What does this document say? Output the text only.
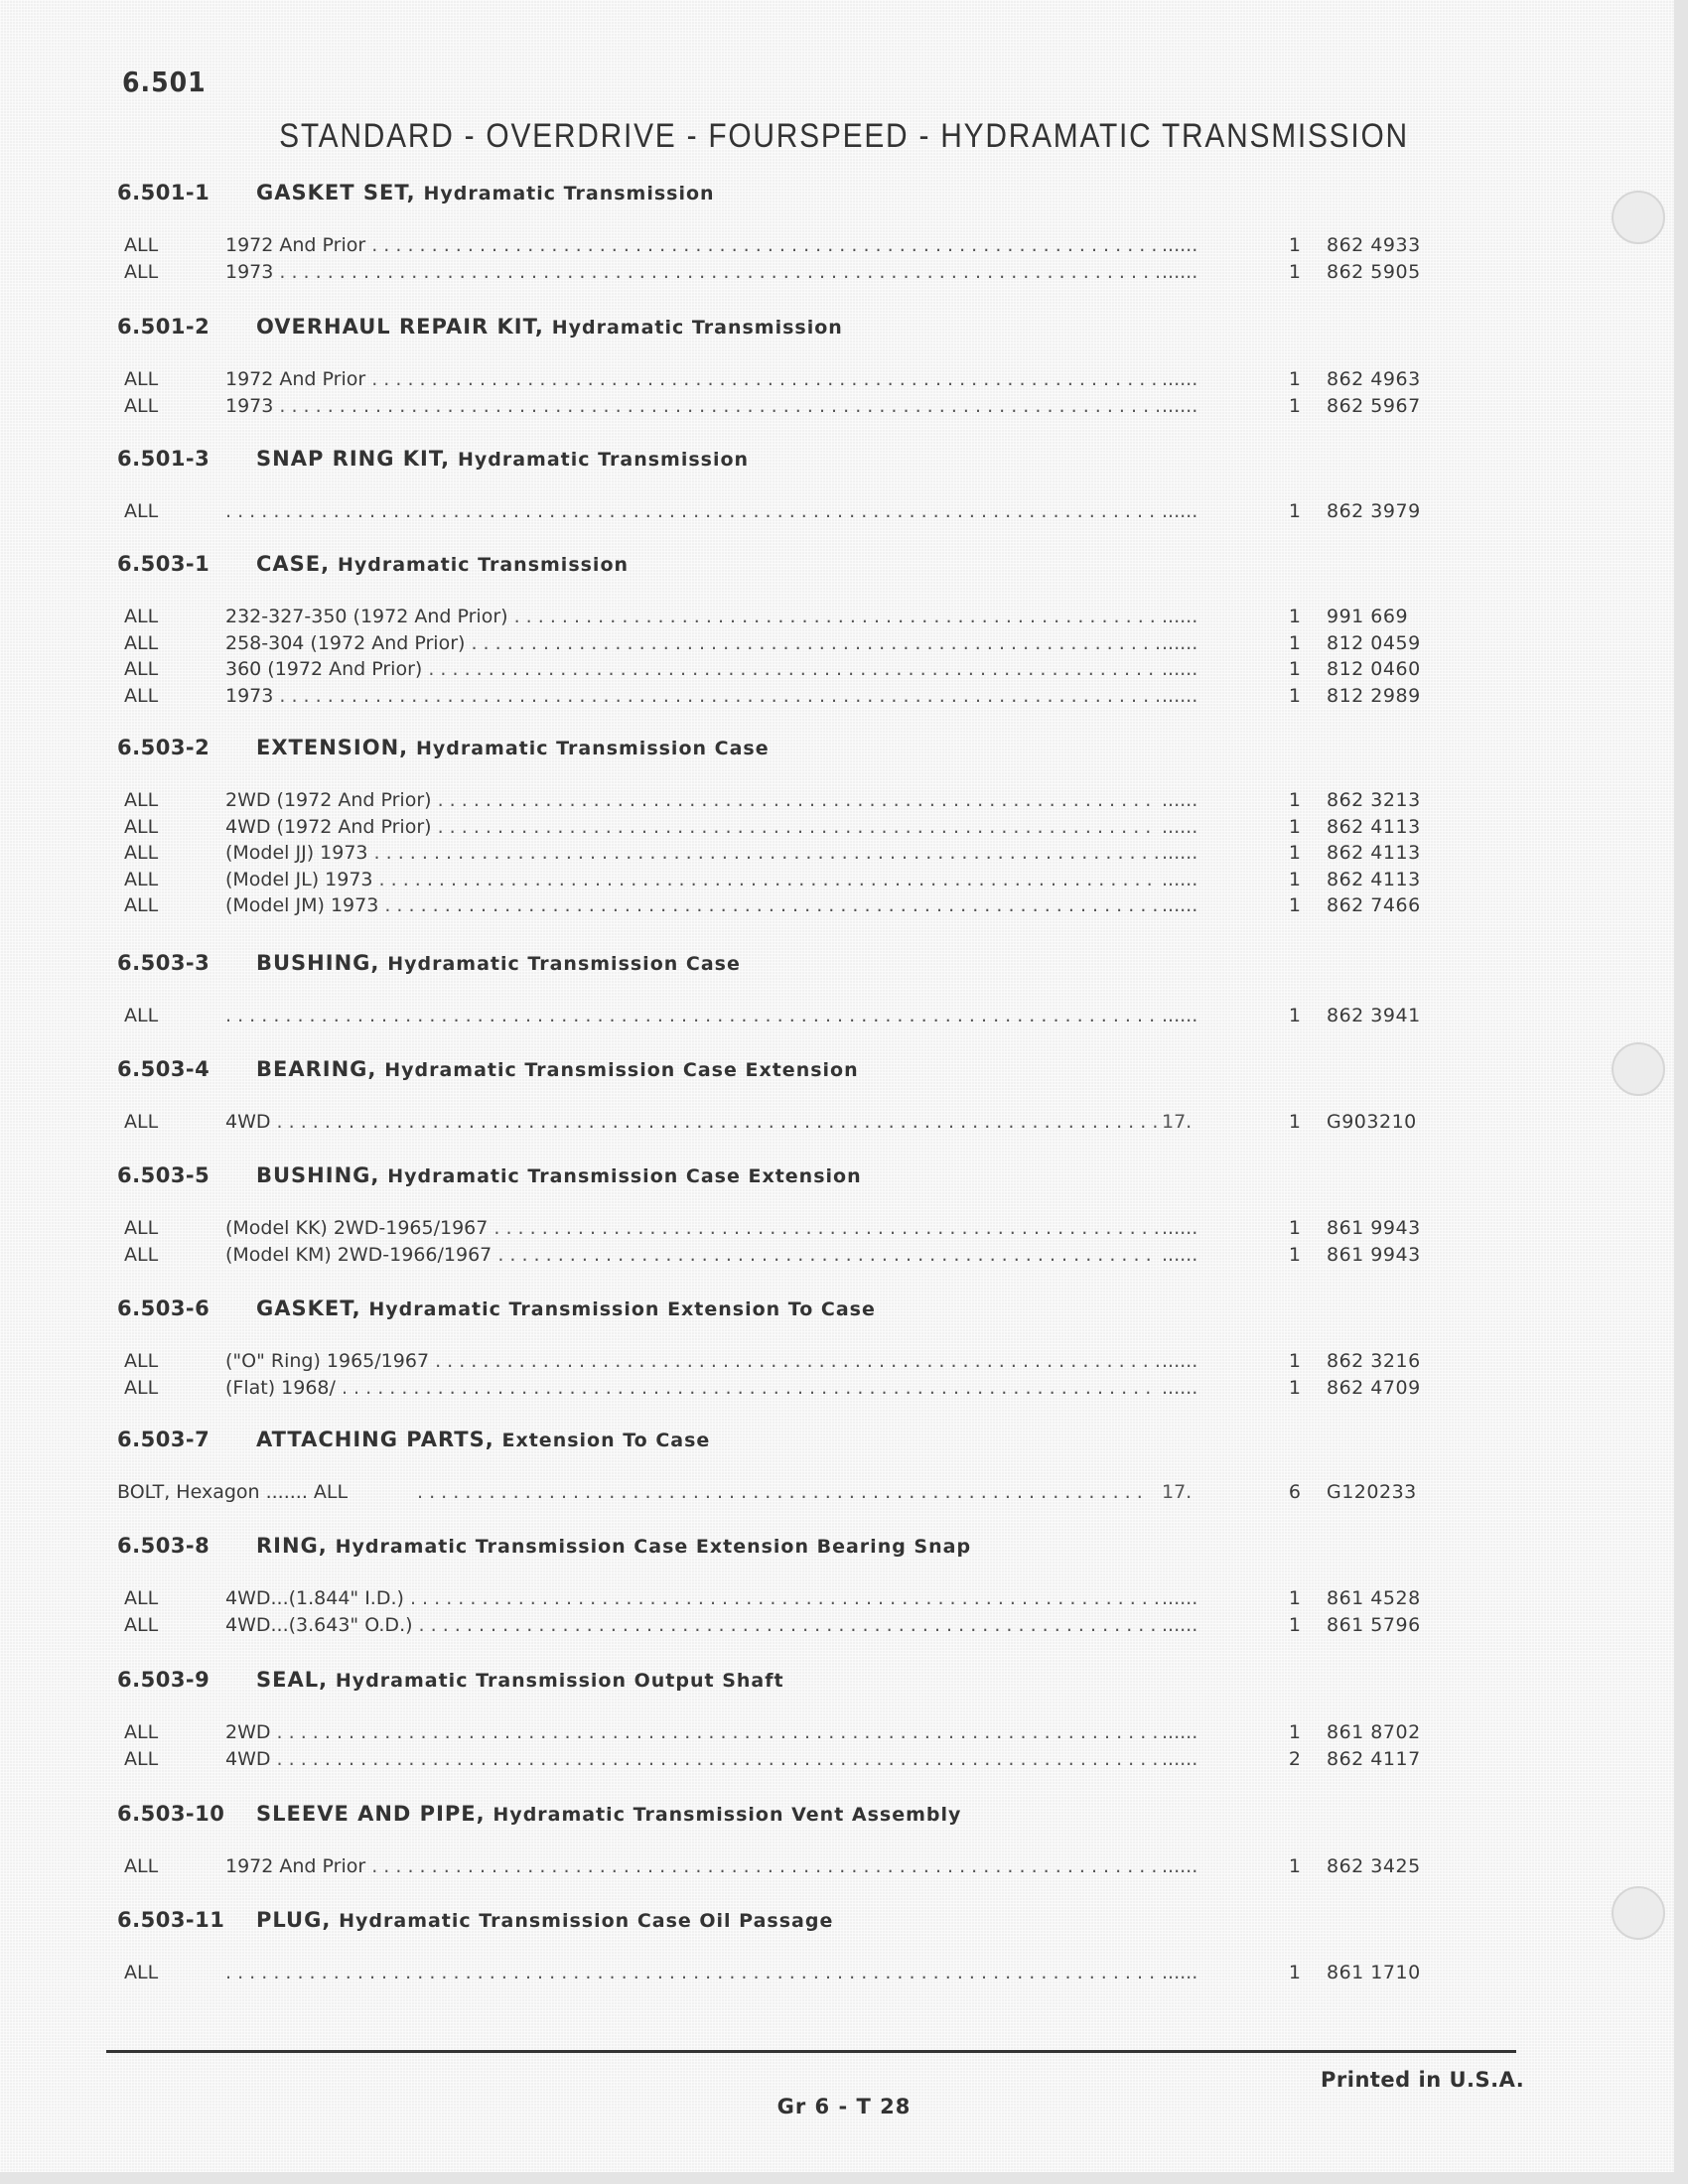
6.501
STANDARD - OVERDRIVE - FOURSPEED - HYDRAMATIC TRANSMISSION
6.501-1 GASKET SET, Hydramatic Transmission
ALL	1972 And Prior . . .	......	1 862 4933
ALL	1973 . . .	......	1 862 5905
6.501-2 OVERHAUL REPAIR KIT, Hydramatic Transmission
ALL	1972 And Prior . . .	......	1 862 4963
ALL	1973 . . .	......	1 862 5967
6.501-3 SNAP RING KIT, Hydramatic Transmission
ALL . . .	......	1 862 3979
6.503-1 CASE, Hydramatic Transmission
ALL	232-327-350 (1972 And Prior) . . .	......	1 991 669
ALL	258-304 (1972 And Prior) . . .	......	1 812 0459
ALL	360 (1972 And Prior) . . .	......	1 812 0460
ALL	1973 . . .	......	1 812 2989
6.503-2 EXTENSION, Hydramatic Transmission Case
ALL	2WD (1972 And Prior) . . .	......	1 862 3213
ALL	4WD (1972 And Prior) . . .	......	1 862 4113
ALL	(Model JJ) 1973 . . .	......	1 862 4113
ALL	(Model JL) 1973 . . .	......	1 862 4113
ALL	(Model JM) 1973 . . .	......	1 862 7466
6.503-3 BUSHING, Hydramatic Transmission Case
ALL . . .	......	1 862 3941
6.503-4 BEARING, Hydramatic Transmission Case Extension
ALL	4WD . . .	17.	1 G903210
6.503-5 BUSHING, Hydramatic Transmission Case Extension
ALL	(Model KK) 2WD-1965/1967 . . .	......	1 861 9943
ALL	(Model KM) 2WD-1966/1967 . . .	......	1 861 9943
6.503-6 GASKET, Hydramatic Transmission Extension To Case
ALL	("O" Ring) 1965/1967 . . .	......	1 862 3216
ALL	(Flat) 1968/ . . .	......	1 862 4709
6.503-7 ATTACHING PARTS, Extension To Case
BOLT, Hexagon ....... ALL . . .	17.	6 G120233
6.503-8 RING, Hydramatic Transmission Case Extension Bearing Snap
ALL	4WD...(1.844" I.D.) . . .	......	1 861 4528
ALL	4WD...(3.643" O.D.) . . .	......	1 861 5796
6.503-9 SEAL, Hydramatic Transmission Output Shaft
ALL	2WD . . .	......	1 861 8702
ALL	4WD . . .	......	2 862 4117
6.503-10 SLEEVE AND PIPE, Hydramatic Transmission Vent Assembly
ALL	1972 And Prior . . .	......	1 862 3425
6.503-11 PLUG, Hydramatic Transmission Case Oil Passage
ALL . . .	......	1 861 1710
Printed in U.S.A.
Gr 6 - T 28
